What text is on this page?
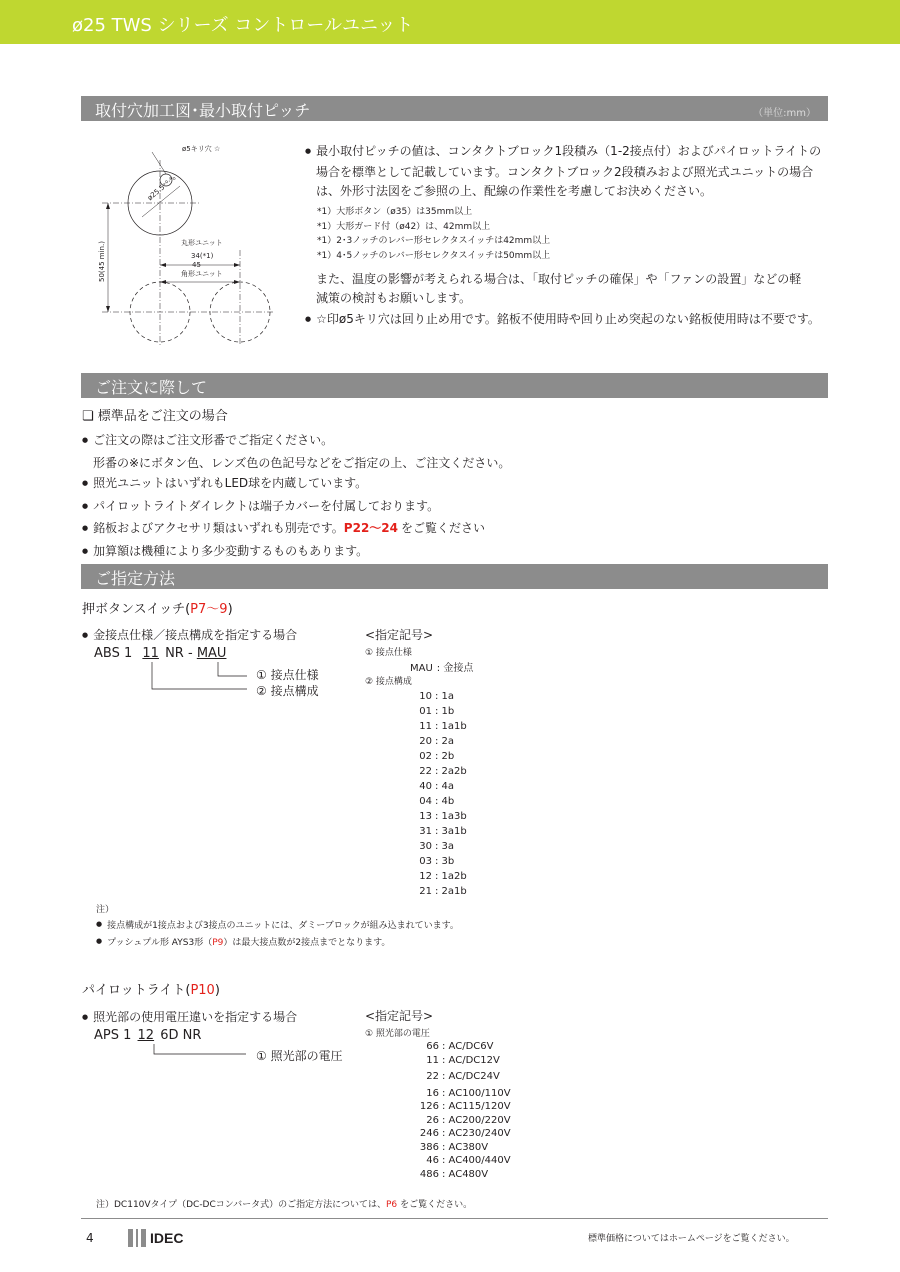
ø25 TWS シリーズ コントロールユニット
取付穴加工図･最小取付ピッチ	（単位:mm）
ø5キリ穴 ☆
ø25.5⁺⁰·⁴₀
丸形ユニット
34(*1)
45
角形ユニット
50(45 min.)
● 最小取付ピッチの値は、コンタクトブロック1段積み（1-2接点付）およびパイロットライトの
場合を標準として記載しています。コンタクトブロック2段積みおよび照光式ユニットの場合
は、外形寸法図をご参照の上、配線の作業性を考慮してお決めください。
*1）大形ボタン（ø35）は35mm以上
*1）大形ガード付（ø42）は、42mm以上
*1）2･3ノッチのレバー形セレクタスイッチは42mm以上
*1）4･5ノッチのレバー形セレクタスイッチは50mm以上
また、温度の影響が考えられる場合は、「取付ピッチの確保」や「ファンの設置」などの軽
減策の検討もお願いします。
● ☆印ø5キリ穴は回り止め用です。銘板不使用時や回り止め突起のない銘板使用時は不要です。
ご注文に際して
❏ 標準品をご注文の場合
● ご注文の際はご注文形番でご指定ください。
形番の※にボタン色、レンズ色の色記号などをご指定の上、ご注文ください。
● 照光ユニットはいずれもLED球を内蔵しています。
● パイロットライトダイレクトは端子カバーを付属しております。
● 銘板およびアクセサリ類はいずれも別売です。P22〜24 をご覧ください
● 加算額は機種により多少変動するものもあります。
ご指定方法
押ボタンスイッチ(P7〜9)
● 金接点仕様／接点構成を指定する場合
ABS 1 11 NR - MAU
① 接点仕様
② 接点構成
<指定記号>
① 接点仕様
MAU : 金接点
② 接点構成
10 : 1a
01 : 1b
11 : 1a1b
20 : 2a
02 : 2b
22 : 2a2b
40 : 4a
04 : 4b
13 : 1a3b
31 : 3a1b
30 : 3a
03 : 3b
12 : 1a2b
21 : 2a1b
注）
● 接点構成が1接点および3接点のユニットには、ダミーブロックが組み込まれています。
● プッシュプル形 AYS3形（P9）は最大接点数が2接点までとなります。
パイロットライト(P10)
● 照光部の使用電圧違いを指定する場合
APS 1 12 6D NR
① 照光部の電圧
<指定記号>
① 照光部の電圧
66 : AC/DC6V
11 : AC/DC12V
22 : AC/DC24V
16 : AC100/110V
126 : AC115/120V
26 : AC200/220V
246 : AC230/240V
386 : AC380V
46 : AC400/440V
486 : AC480V
注）DC110Vタイプ（DC-DCコンバータ式）のご指定方法については、P6 をご覧ください。
4	IDEC	標準価格についてはホームページをご覧ください。
